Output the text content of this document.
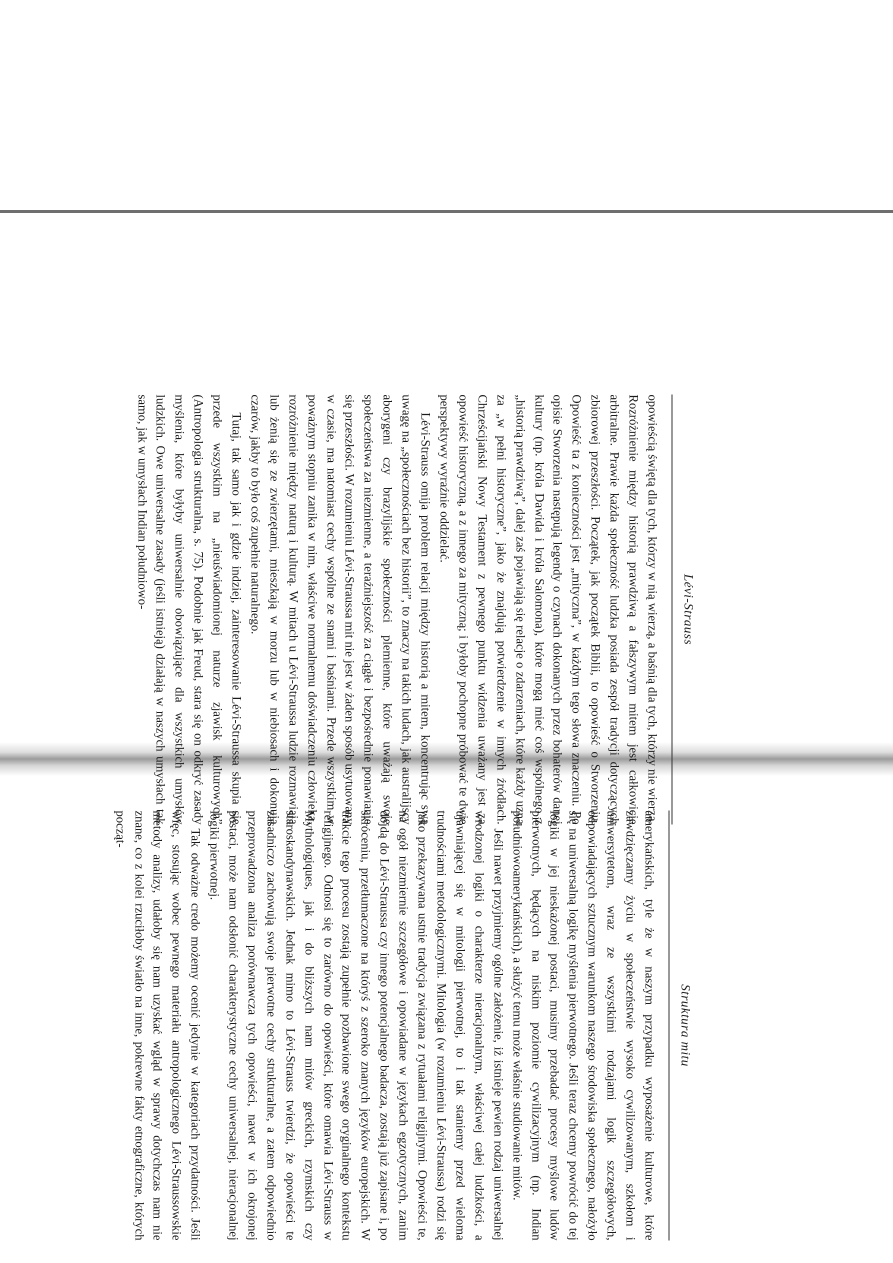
Lévi-Strauss

opowieścią świętą dla tych, którzy w nią wierzą, a baśnią dla tych, którzy nie wierzą. Rozróżnienie między historią prawdziwą a fałszywym mitem jest całkowicie arbitralne. Prawie każda społeczność ludzka posiada zespół tradycji dotyczących zbiorowej przeszłości. Początek, jak początek Biblii, to opowieść o Stworzeniu. Opowieść ta z konieczności jest „mityczna”, w każdym tego słowa znaczeniu. Po opisie Stworzenia następują legendy o czynach dokonanych przez bohaterów danej kultury (np. króla Dawida i króla Salomona), które mogą mieć coś wspólnego z „historią prawdziwą”, dalej zaś pojawiają się relacje o zdarzeniach, które każdy uzna za „w pełni historyczne”, jako że znajdują potwierdzenie w innych źródłach. Chrześcijański Nowy Testament z pewnego punktu widzenia uważany jest za opowieść historyczną, a z innego za mityczną; i byłoby pochopne próbować te dwie perspektywy wyraźnie oddzielać.

Lévi-Strauss omija problem relacji między historią a mitem, koncentrując swą uwagę na „społecznościach bez historii”, to znaczy na takich ludach, jak australijscy aborygeni czy brazylijskie społeczności plemienne, które uważają swoje społeczeństwa za niezmienne, a teraźniejszość za ciągłe i bezpośrednie ponawianie się przeszłości. W rozumieniu Lévi-Straussa mit nie jest w żaden sposób usytuowany w czasie, ma natomiast cechy wspólne ze snami i baśniami. Przede wszystkim w poważnym stopniu zanika w nim, właściwe normalnemu doświadczeniu człowieka, rozróżnienie między naturą i kulturą. W mitach u Lévi-Straussa ludzie rozmawiają lub żenią się ze zwierzętami, mieszkają w morzu lub w niebiosach i dokonują czarów, jakby to było coś zupełnie naturalnego.

Tutaj, tak samo jak i gdzie indziej, zainteresowanie Lévi-Straussa skupia się przede wszystkim na „nieuświadomionej naturze zjawisk kulturowych” (Antropologia strukturalna, s. 75). Podobnie jak Freud, stara się on odkryć zasady myślenia, które byłyby uniwersalnie obowiązujące dla wszystkich umysłów ludzkich. Owe uniwersalne zasady (jeśli istnieją) działają w naszych umysłach tak samo, jak w umysłach Indian południowo-

Struktura mitu

amerykańskich, tyle że w naszym przypadku wyposażenie kulturowe, które zawdzięczamy życiu w społeczeństwie wysoko cywilizowanym, szkołom i uniwersytetom, wraz ze wszystkimi rodzajami logik szczegółowych, odpowiadających sztucznym warunkom naszego środowiska społecznego, nałożyło się na uniwersalną logikę myślenia pierwotnego. Jeśli teraz chcemy powrócić do tej logiki w jej nieskażonej postaci, musimy przebadać procesy myślowe ludów pierwotnych, będących na niskim poziomie cywilizacyjnym (np. Indian południowoamerykańskich), a służyć temu może właśnie studiowanie mitów.

Jeśli nawet przyjmiemy ogólne założenie, iż istnieje pewien rodzaj uniwersalnej wrodzonej logiki o charakterze nieracjonalnym, właściwej całej ludzkości, a ujawniającej się w mitologii pierwotnej, to i tak staniemy przed wieloma trudnościami metodologicznymi. Mitologia (w rozumieniu Lévi-Straussa) rodzi się jako przekazywana ustnie tradycja związana z rytuałami religijnymi. Opowieści te, na ogół niezmiernie szczegółowe i opowiadane w językach egzotycznych, zanim dojdą do Lévi-Straussa czy innego potencjalnego badacza, zostają już zapisane i, po skróceniu, przetłumaczone na któryś z szeroko znanych języków europejskich. W trakcie tego procesu zostają zupełnie pozbawione swego oryginalnego kontekstu religijnego. Odnosi się to zarówno do opowieści, które omawia Lévi-Strauss w Mythologiques, jak i do bliższych nam mitów greckich, rzymskich czy staroskandynawskich. Jednak mimo to Lévi-Strauss twierdzi, że opowieści te zasadniczo zachowują swoje pierwotne cechy strukturalne, a zatem odpowiednio przeprowadzona analiza porównawcza tych opowieści, nawet w ich okrojonej postaci, może nam odsłonić charakterystyczne cechy uniwersalnej, nieracjonalnej logiki pierwotnej.

Tak odważne credo możemy ocenić jedynie w kategoriach przydatności. Jeśli więc, stosując wobec pewnego materiału antropologicznego Lévi-Straussowskie metody analizy, udałoby się nam uzyskać wgląd w sprawy dotychczas nam nie znane, co z kolei rzuciłoby światło na inne, pokrewne fakty etnograficzne, których począt-
